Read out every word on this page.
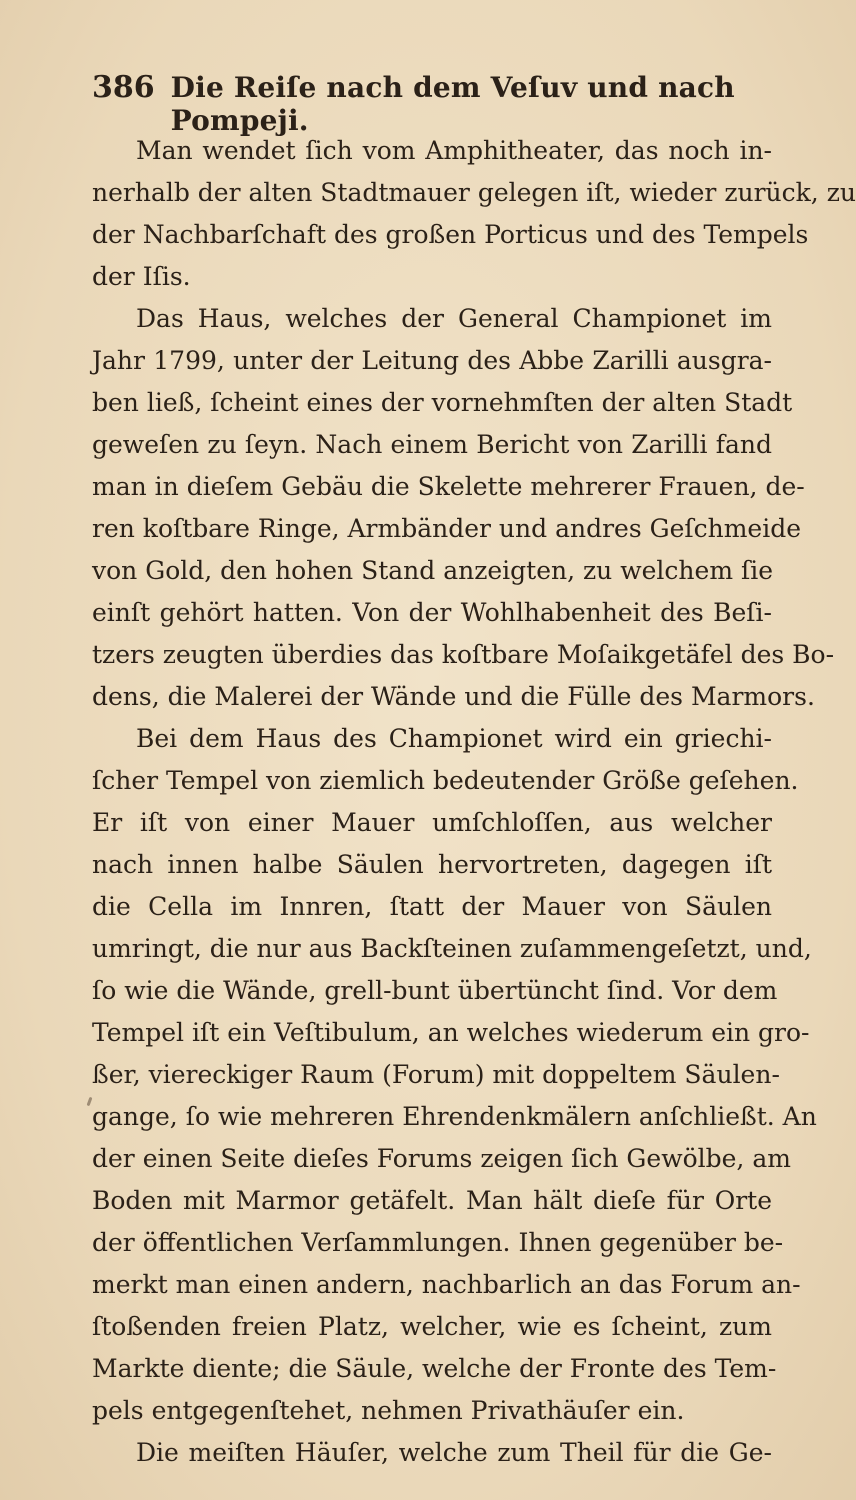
386 Die Reiſe nach dem Veſuv und nach Pompeji.
Man wendet ſich vom Amphitheater, das noch in-
nerhalb der alten Stadtmauer gelegen iſt, wieder zurück, zu
der Nachbarſchaft des großen Porticus und des Tempels
der Iſis.
Das Haus, welches der General Championet im
Jahr 1799, unter der Leitung des Abbe Zarilli ausgra-
ben ließ, ſcheint eines der vornehmſten der alten Stadt
geweſen zu ſeyn. Nach einem Bericht von Zarilli fand
man in dieſem Gebäu die Skelette mehrerer Frauen, de-
ren koſtbare Ringe, Armbänder und andres Geſchmeide
von Gold, den hohen Stand anzeigten, zu welchem ſie
einſt gehört hatten. Von der Wohlhabenheit des Beſi-
tzers zeugten überdies das koſtbare Moſaikgetäfel des Bo-
dens, die Malerei der Wände und die Fülle des Marmors.
Bei dem Haus des Championet wird ein griechi-
ſcher Tempel von ziemlich bedeutender Größe geſehen.
Er iſt von einer Mauer umſchloſſen, aus welcher
nach innen halbe Säulen hervortreten, dagegen iſt
die Cella im Innren, ſtatt der Mauer von Säulen
umringt, die nur aus Backſteinen zuſammengeſetzt, und,
ſo wie die Wände, grell-bunt übertüncht ſind. Vor dem
Tempel iſt ein Veſtibulum, an welches wiederum ein gro-
ßer, viereckiger Raum (Forum) mit doppeltem Säulen-
gange, ſo wie mehreren Ehrendenkmälern anſchließt. An
der einen Seite dieſes Forums zeigen ſich Gewölbe, am
Boden mit Marmor getäfelt. Man hält dieſe für Orte
der öffentlichen Verſammlungen. Ihnen gegenüber be-
merkt man einen andern, nachbarlich an das Forum an-
ſtoßenden freien Platz, welcher, wie es ſcheint, zum
Markte diente; die Säule, welche der Fronte des Tem-
pels entgegenſtehet, nehmen Privathäuſer ein.
Die meiſten Häuſer, welche zum Theil für die Ge-
